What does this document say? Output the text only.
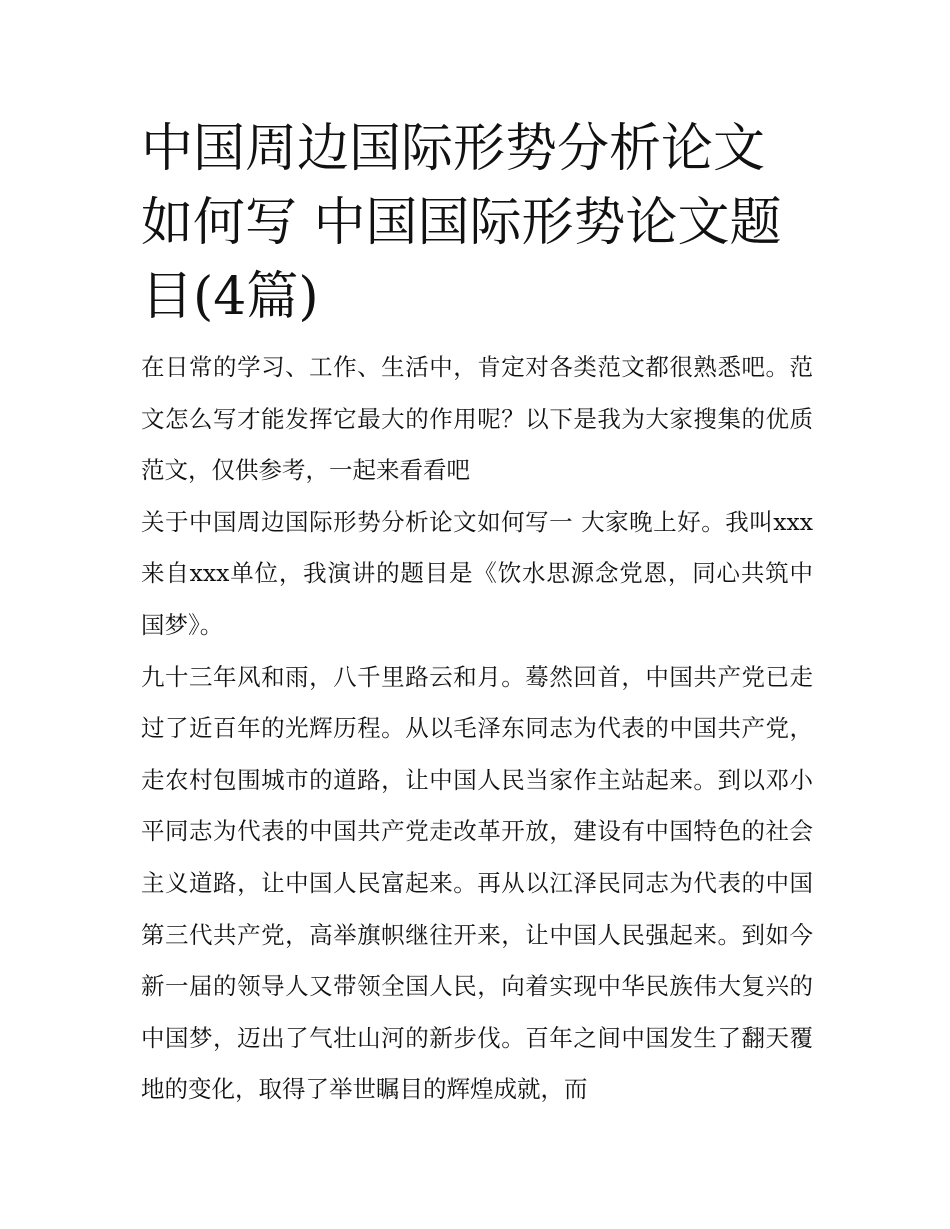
中国周边国际形势分析论文如何写 中国国际形势论文题目(4篇)

在日常的学习、工作、生活中，肯定对各类范文都很熟悉吧。范文怎么写才能发挥它最大的作用呢？以下是我为大家搜集的优质范文，仅供参考，一起来看看吧

关于中国周边国际形势分析论文如何写一 大家晚上好。我叫xxx来自xxx单位，我演讲的题目是《饮水思源念党恩，同心共筑中国梦》。

九十三年风和雨，八千里路云和月。蓦然回首，中国共产党已走过了近百年的光辉历程。从以毛泽东同志为代表的中国共产党，走农村包围城市的道路，让中国人民当家作主站起来。到以邓小平同志为代表的中国共产党走改革开放，建设有中国特色的社会主义道路，让中国人民富起来。再从以江泽民同志为代表的中国第三代共产党，高举旗帜继往开来，让中国人民强起来。到如今新一届的领导人又带领全国人民，向着实现中华民族伟大复兴的中国梦，迈出了气壮山河的新步伐。百年之间中国发生了翻天覆地的变化，取得了举世瞩目的辉煌成就，而
